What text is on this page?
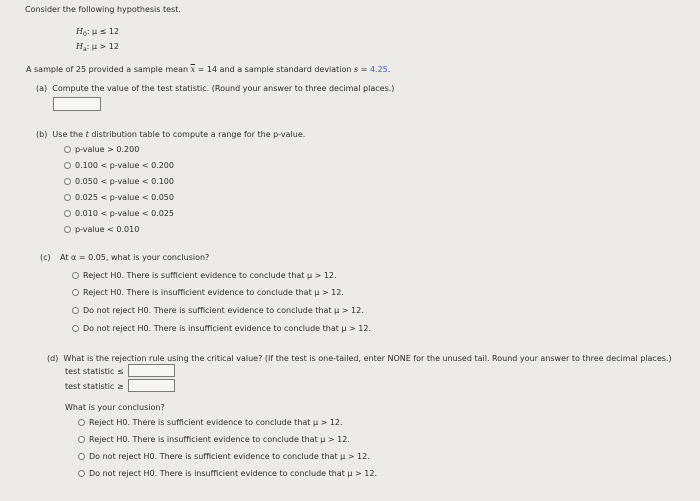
Consider the following hypothesis test.
$H_0$: μ ≤ 12
$H_a$: μ > 12
A sample of 25 provided a sample mean $\overline{x} = 14$ and a sample standard deviation s = 4.25.
(a) Compute the value of the test statistic. (Round your answer to three decimal places.)
(b) Use the t distribution table to compute a range for the p-value.
p-value > 0.200
0.100 < p-value < 0.200
0.050 < p-value < 0.100
0.025 < p-value < 0.050
0.010 < p-value < 0.025
p-value < 0.010
(c) At α = 0.05, what is your conclusion?
Reject H0. There is sufficient evidence to conclude that μ > 12.
Reject H0. There is insufficient evidence to conclude that μ > 12.
Do not reject H0. There is sufficient evidence to conclude that μ > 12.
Do not reject H0. There is insufficient evidence to conclude that μ > 12.
(d) What is the rejection rule using the critical value? (If the test is one-tailed, enter NONE for the unused tail. Round your answer to three decimal places.)
test statistic ≤
test statistic ≥
What is your conclusion?
Reject H0. There is sufficient evidence to conclude that μ > 12.
Reject H0. There is insufficient evidence to conclude that μ > 12.
Do not reject H0. There is sufficient evidence to conclude that μ > 12.
Do not reject H0. There is insufficient evidence to conclude that μ > 12.
